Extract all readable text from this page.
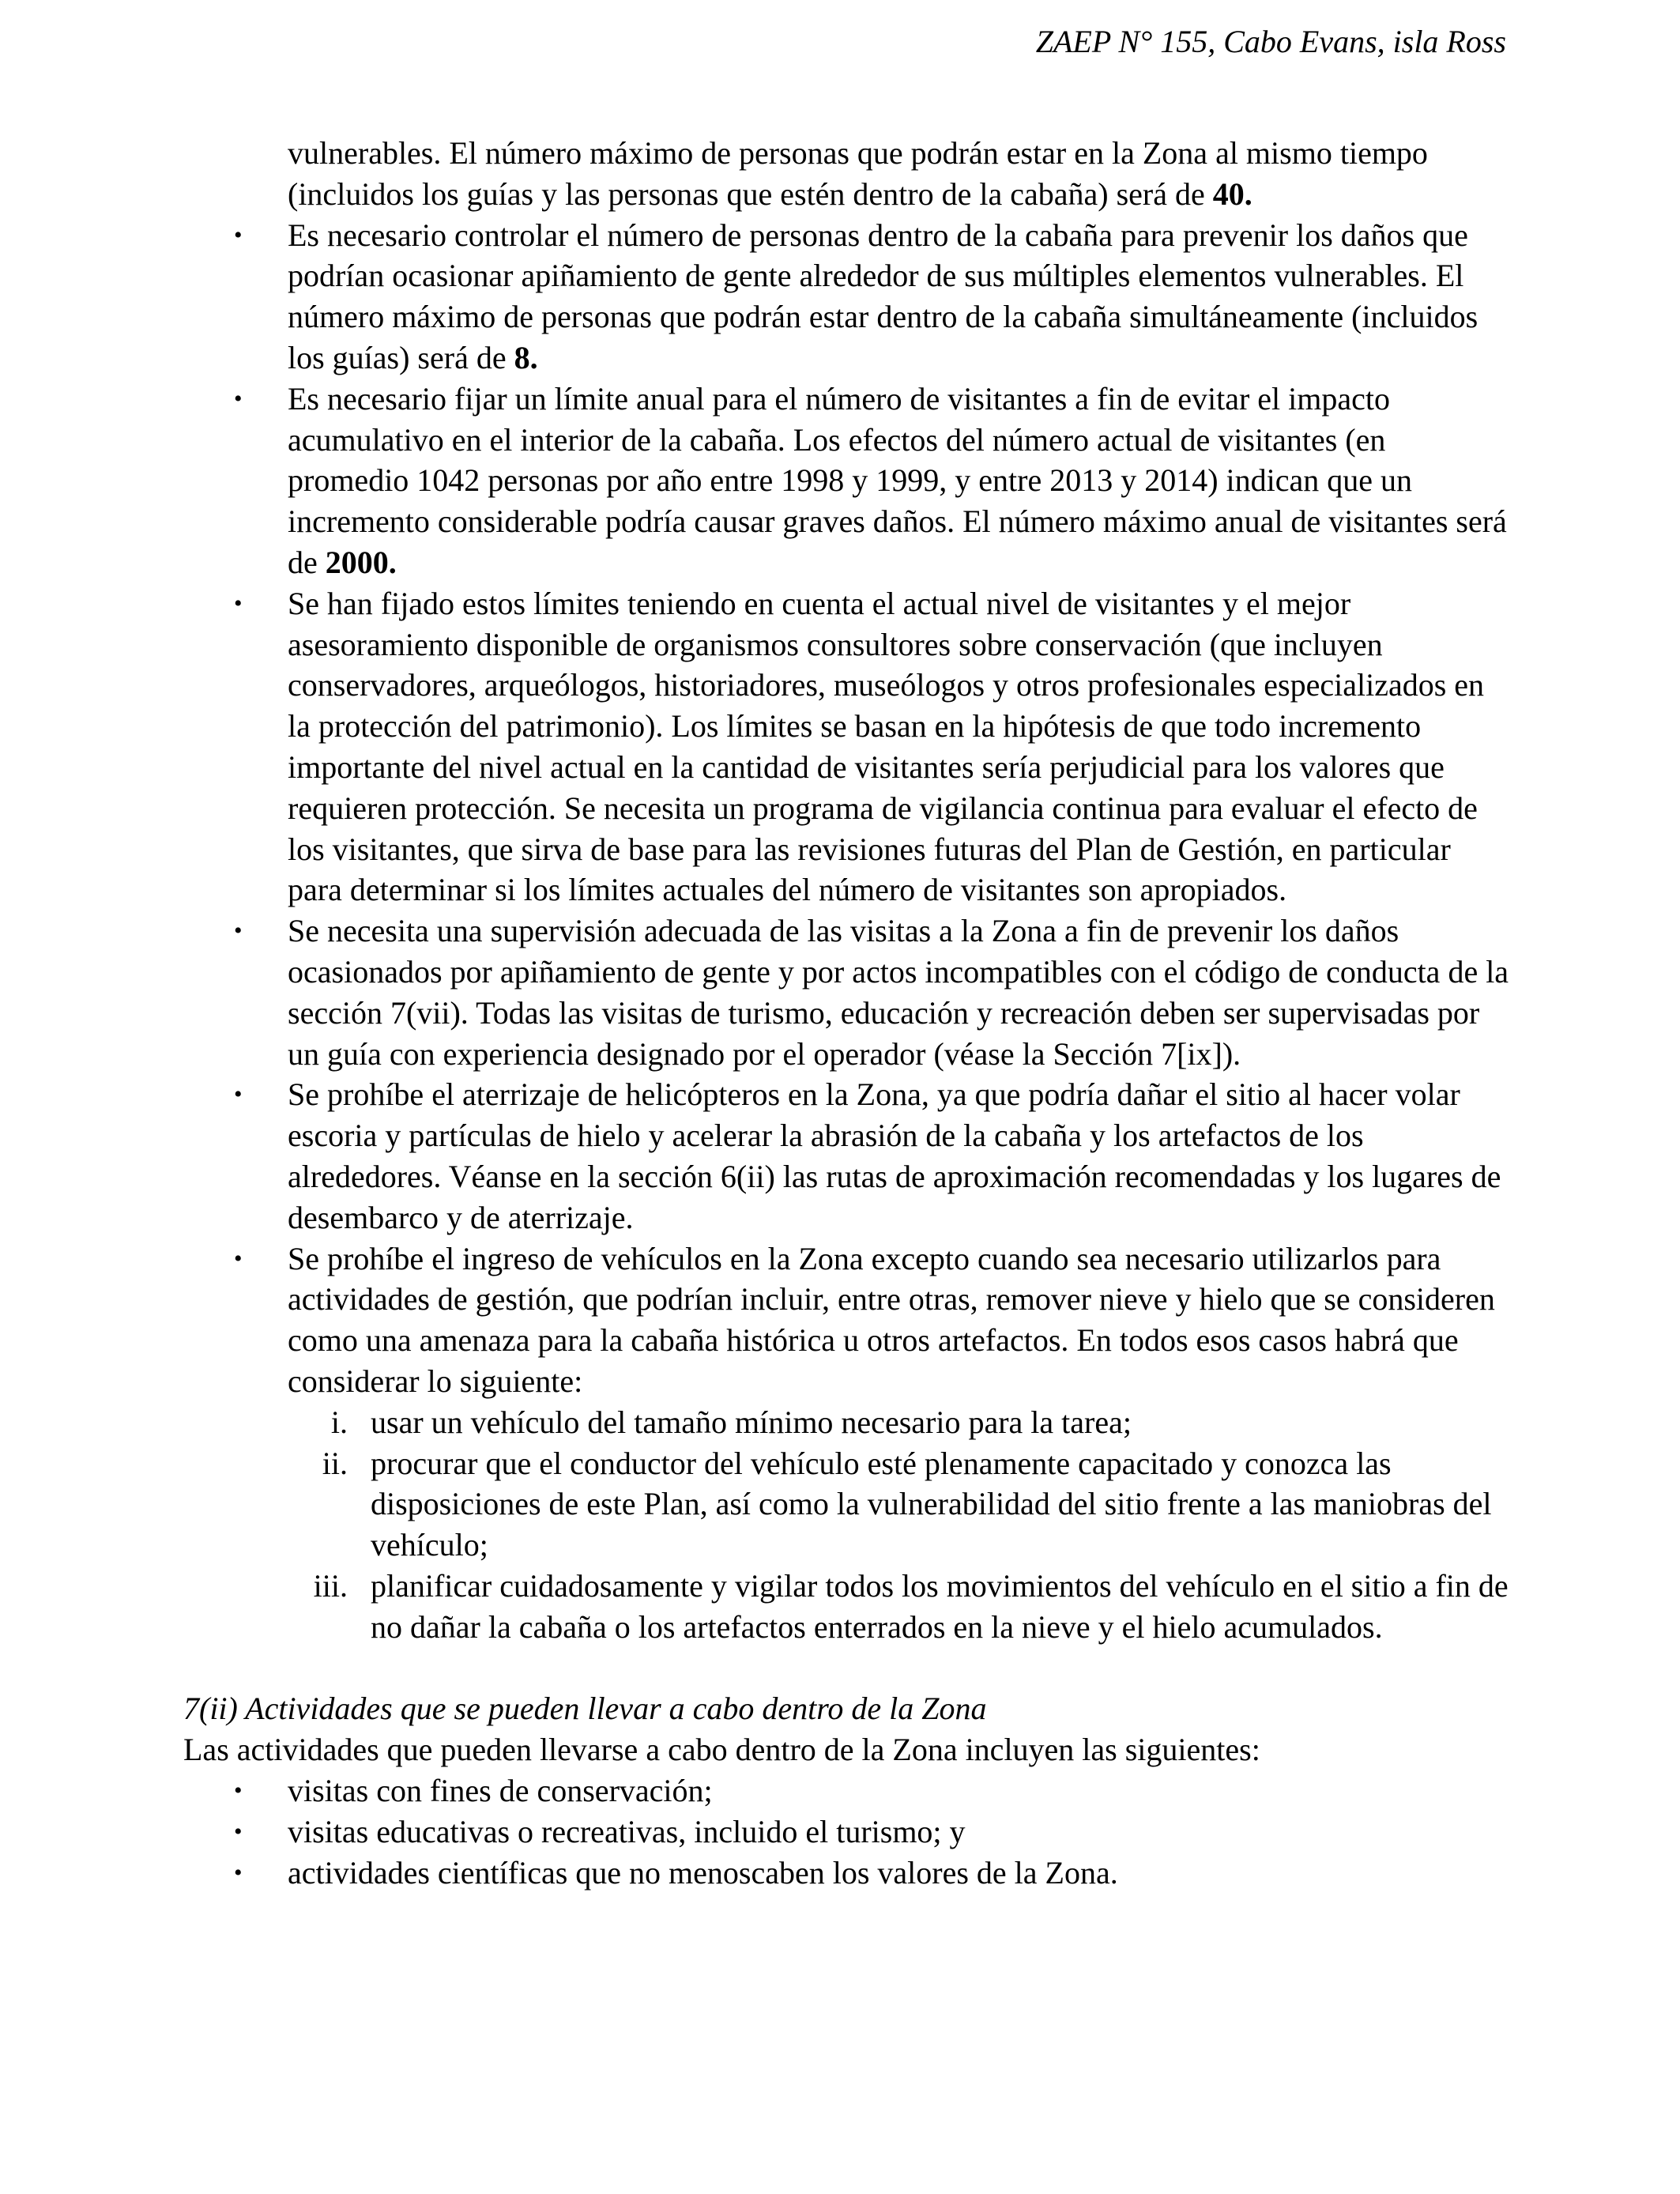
ZAEP N° 155, Cabo Evans, isla Ross

vulnerables. El número máximo de personas que podrán estar en la Zona al mismo tiempo (incluidos los guías y las personas que estén dentro de la cabaña) será de 40.

• Es necesario controlar el número de personas dentro de la cabaña para prevenir los daños que podrían ocasionar apiñamiento de gente alrededor de sus múltiples elementos vulnerables. El número máximo de personas que podrán estar dentro de la cabaña simultáneamente (incluidos los guías) será de 8.
• Es necesario fijar un límite anual para el número de visitantes a fin de evitar el impacto acumulativo en el interior de la cabaña. Los efectos del número actual de visitantes (en promedio 1042 personas por año entre 1998 y 1999, y entre 2013 y 2014) indican que un incremento considerable podría causar graves daños. El número máximo anual de visitantes será de 2000.
• Se han fijado estos límites teniendo en cuenta el actual nivel de visitantes y el mejor asesoramiento disponible de organismos consultores sobre conservación (que incluyen conservadores, arqueólogos, historiadores, museólogos y otros profesionales especializados en la protección del patrimonio). Los límites se basan en la hipótesis de que todo incremento importante del nivel actual en la cantidad de visitantes sería perjudicial para los valores que requieren protección. Se necesita un programa de vigilancia continua para evaluar el efecto de los visitantes, que sirva de base para las revisiones futuras del Plan de Gestión, en particular para determinar si los límites actuales del número de visitantes son apropiados.
• Se necesita una supervisión adecuada de las visitas a la Zona a fin de prevenir los daños ocasionados por apiñamiento de gente y por actos incompatibles con el código de conducta de la sección 7(vii). Todas las visitas de turismo, educación y recreación deben ser supervisadas por un guía con experiencia designado por el operador (véase la Sección 7[ix]).
• Se prohíbe el aterrizaje de helicópteros en la Zona, ya que podría dañar el sitio al hacer volar escoria y partículas de hielo y acelerar la abrasión de la cabaña y los artefactos de los alrededores. Véanse en la sección 6(ii) las rutas de aproximación recomendadas y los lugares de desembarco y de aterrizaje.
• Se prohíbe el ingreso de vehículos en la Zona excepto cuando sea necesario utilizarlos para actividades de gestión, que podrían incluir, entre otras, remover nieve y hielo que se consideren como una amenaza para la cabaña histórica u otros artefactos. En todos esos casos habrá que considerar lo siguiente:
i. usar un vehículo del tamaño mínimo necesario para la tarea;
ii. procurar que el conductor del vehículo esté plenamente capacitado y conozca las disposiciones de este Plan, así como la vulnerabilidad del sitio frente a las maniobras del vehículo;
iii. planificar cuidadosamente y vigilar todos los movimientos del vehículo en el sitio a fin de no dañar la cabaña o los artefactos enterrados en la nieve y el hielo acumulados.

7(ii) Actividades que se pueden llevar a cabo dentro de la Zona

Las actividades que pueden llevarse a cabo dentro de la Zona incluyen las siguientes:

• visitas con fines de conservación;
• visitas educativas o recreativas, incluido el turismo; y
• actividades científicas que no menoscaben los valores de la Zona.
